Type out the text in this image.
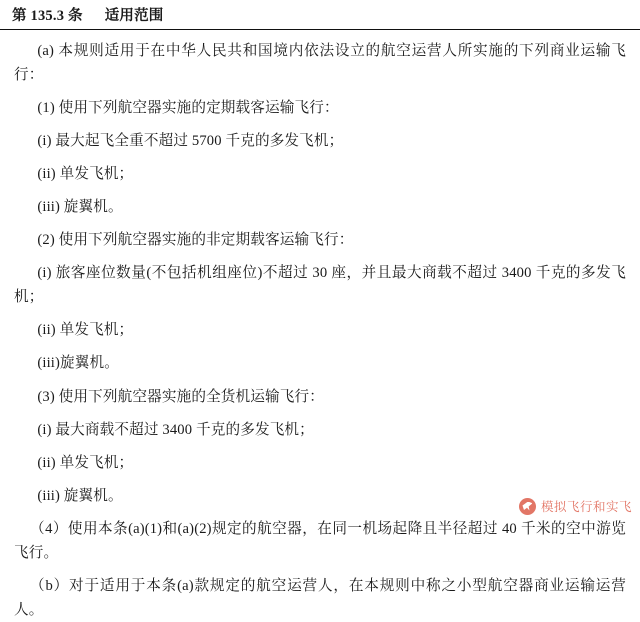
第 135.3 条 适用范围

(a) 本规则适用于在中华人民共和国境内依法设立的航空运营人所实施的下列商业运输飞行：

(1) 使用下列航空器实施的定期载客运输飞行：

(i) 最大起飞全重不超过 5700 千克的多发飞机；

(ii) 单发飞机；

(iii) 旋翼机。

(2) 使用下列航空器实施的非定期载客运输飞行：

(i) 旅客座位数量(不包括机组座位)不超过 30 座，并且最大商载不超过 3400 千克的多发飞机；

(ii) 单发飞机；

(iii)旋翼机。

(3) 使用下列航空器实施的全货机运输飞行：

(i) 最大商载不超过 3400 千克的多发飞机；

(ii) 单发飞机；

(iii) 旋翼机。

（4）使用本条(a)(1)和(a)(2)规定的航空器，在同一机场起降且半径超过 40 千米的空中游览飞行。

（b）对于适用于本条(a)款规定的航空运营人，在本规则中称之小型航空器商业运输运营人。

模拟飞行和实飞
